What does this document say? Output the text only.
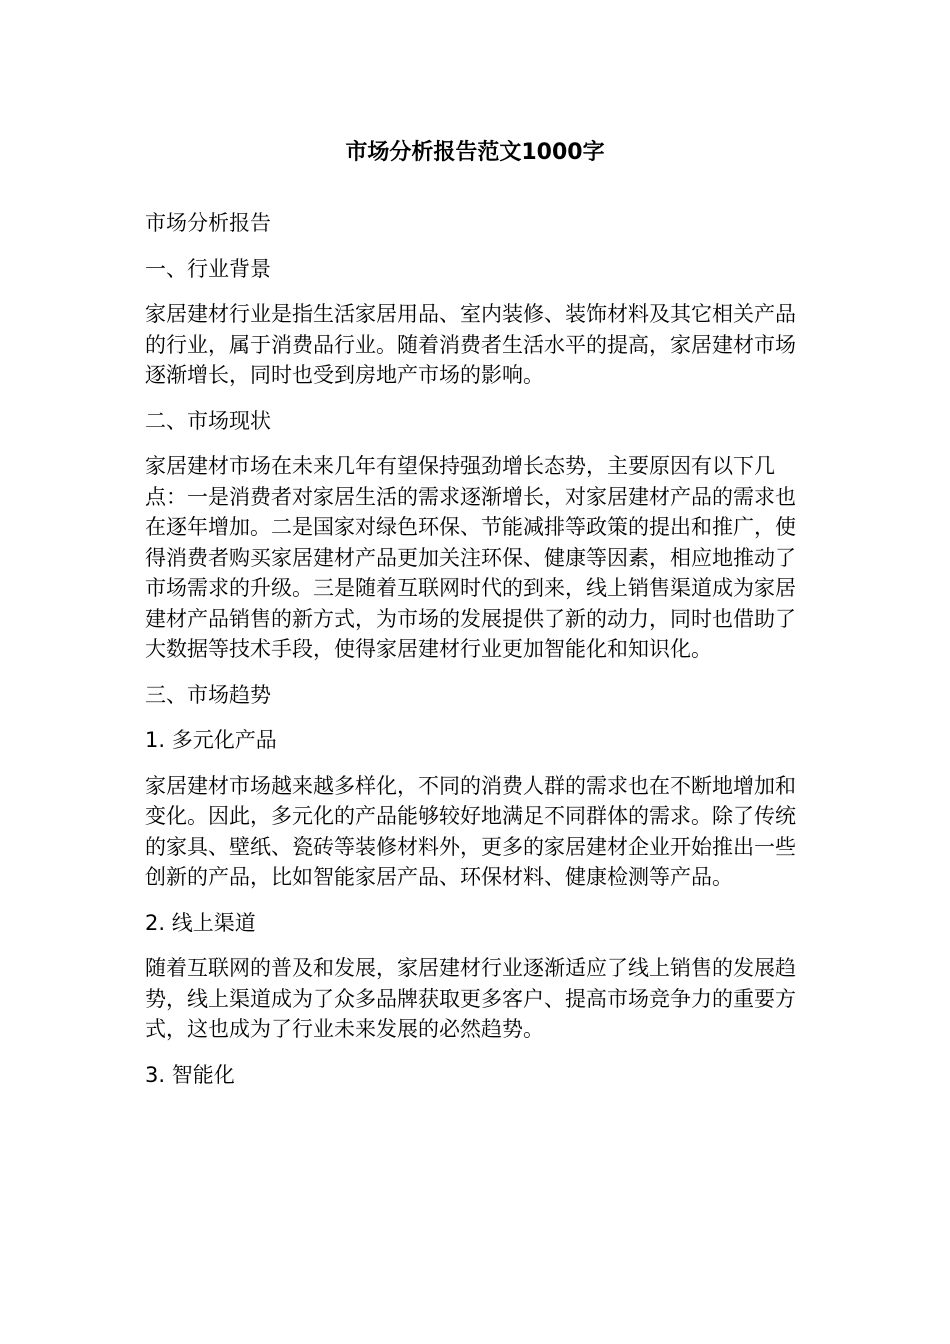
市场分析报告范文1000字

市场分析报告

一、行业背景

家居建材行业是指生活家居用品、室内装修、装饰材料及其它相关产品的行业，属于消费品行业。随着消费者生活水平的提高，家居建材市场逐渐增长，同时也受到房地产市场的影响。

二、市场现状

家居建材市场在未来几年有望保持强劲增长态势，主要原因有以下几点：一是消费者对家居生活的需求逐渐增长，对家居建材产品的需求也在逐年增加。二是国家对绿色环保、节能减排等政策的提出和推广，使得消费者购买家居建材产品更加关注环保、健康等因素，相应地推动了市场需求的升级。三是随着互联网时代的到来，线上销售渠道成为家居建材产品销售的新方式，为市场的发展提供了新的动力，同时也借助了大数据等技术手段，使得家居建材行业更加智能化和知识化。

三、市场趋势

1. 多元化产品

家居建材市场越来越多样化，不同的消费人群的需求也在不断地增加和变化。因此，多元化的产品能够较好地满足不同群体的需求。除了传统的家具、壁纸、瓷砖等装修材料外，更多的家居建材企业开始推出一些创新的产品，比如智能家居产品、环保材料、健康检测等产品。

2. 线上渠道

随着互联网的普及和发展，家居建材行业逐渐适应了线上销售的发展趋势，线上渠道成为了众多品牌获取更多客户、提高市场竞争力的重要方式，这也成为了行业未来发展的必然趋势。

3. 智能化
